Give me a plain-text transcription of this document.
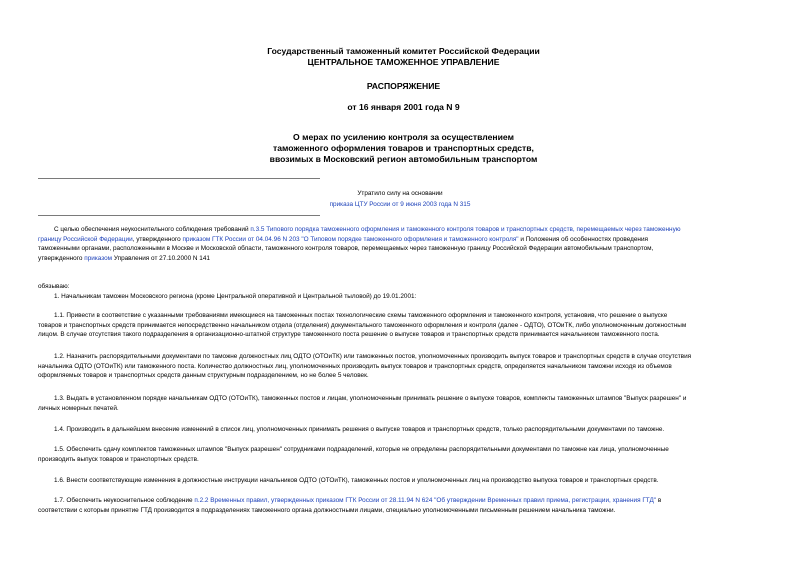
Государственный таможенный комитет Российской Федерации
ЦЕНТРАЛЬНОЕ ТАМОЖЕННОЕ УПРАВЛЕНИЕ
РАСПОРЯЖЕНИЕ
от 16 января 2001 года N 9
О мерах по усилению контроля за осуществлением
таможенного оформления товаров и транспортных средств,
ввозимых в Московский регион автомобильным транспортом
Утратило силу на основании
приказа ЦТУ России от 9 июня 2003 года N 315
С целью обеспечения неукоснительного соблюдения требований п.3.5 Типового порядка таможенного оформления и таможенного контроля товаров и транспортных средств, перемещаемых через таможенную
границу Российской Федерации, утвержденного приказом ГТК России от 04.04.96 N 203 "О Типовом порядке таможенного оформления и таможенного контроля" и Положения об особенностях проведения
таможенными органами, расположенными в Москве и Московской области, таможенного контроля товаров, перемещаемых через таможенную границу Российской Федерации автомобильным транспортом,
утвержденного приказом Управления от 27.10.2000 N 141
обязываю:
1. Начальникам таможен Московского региона (кроме Центральной оперативной и Центральной тыловой) до 19.01.2001:
1.1. Привести в соответствие с указанными требованиями имеющиеся на таможенных постах технологические схемы таможенного оформления и таможенного контроля, установив, что решение о выпуске
товаров и транспортных средств принимается непосредственно начальником отдела (отделения) документального таможенного оформления и контроля (далее - ОДТО), ОТОиТК, либо уполномоченным должностным
лицом. В случае отсутствия такого подразделения в организационно-штатной структуре таможенного поста решение о выпуске товаров и транспортных средств принимается начальником таможенного поста.
1.2. Назначить распорядительными документами по таможне должностных лиц ОДТО (ОТОиТК) или таможенных постов, уполномоченных производить выпуск товаров и транспортных средств в случае отсутствия
начальника ОДТО (ОТОиТК) или таможенного поста. Количество должностных лиц, уполномоченных производить выпуск товаров и транспортных средств, определяется начальником таможни исходя из объемов
оформляемых товаров и транспортных средств данным структурным подразделением, но не более 5 человек.
1.3. Выдать в установленном порядке начальникам ОДТО (ОТОиТК), таможенных постов и лицам, уполномоченным принимать решение о выпуске товаров, комплекты таможенных штампов "Выпуск разрешен" и
личных номерных печатей.
1.4. Производить в дальнейшем внесение изменений в список лиц, уполномоченных принимать решения о выпуске товаров и транспортных средств, только распорядительными документами по таможне.
1.5. Обеспечить сдачу комплектов таможенных штампов "Выпуск разрешен" сотрудниками подразделений, которые не определены распорядительными документами по таможне как лица, уполномоченные
производить выпуск товаров и транспортных средств.
1.6. Внести соответствующие изменения в должностные инструкции начальников ОДТО (ОТОиТК), таможенных постов и уполномоченных лиц на производство выпуска товаров и транспортных средств.
1.7. Обеспечить неукоснительное соблюдение п.2.2 Временных правил, утвержденных приказом ГТК России от 28.11.94 N 624 "Об утверждении Временных правил приема, регистрации, хранения ГТД" в
соответствии с которым принятие ГТД производится в подразделениях таможенного органа должностными лицами, специально уполномоченными письменным решением начальника таможни.
